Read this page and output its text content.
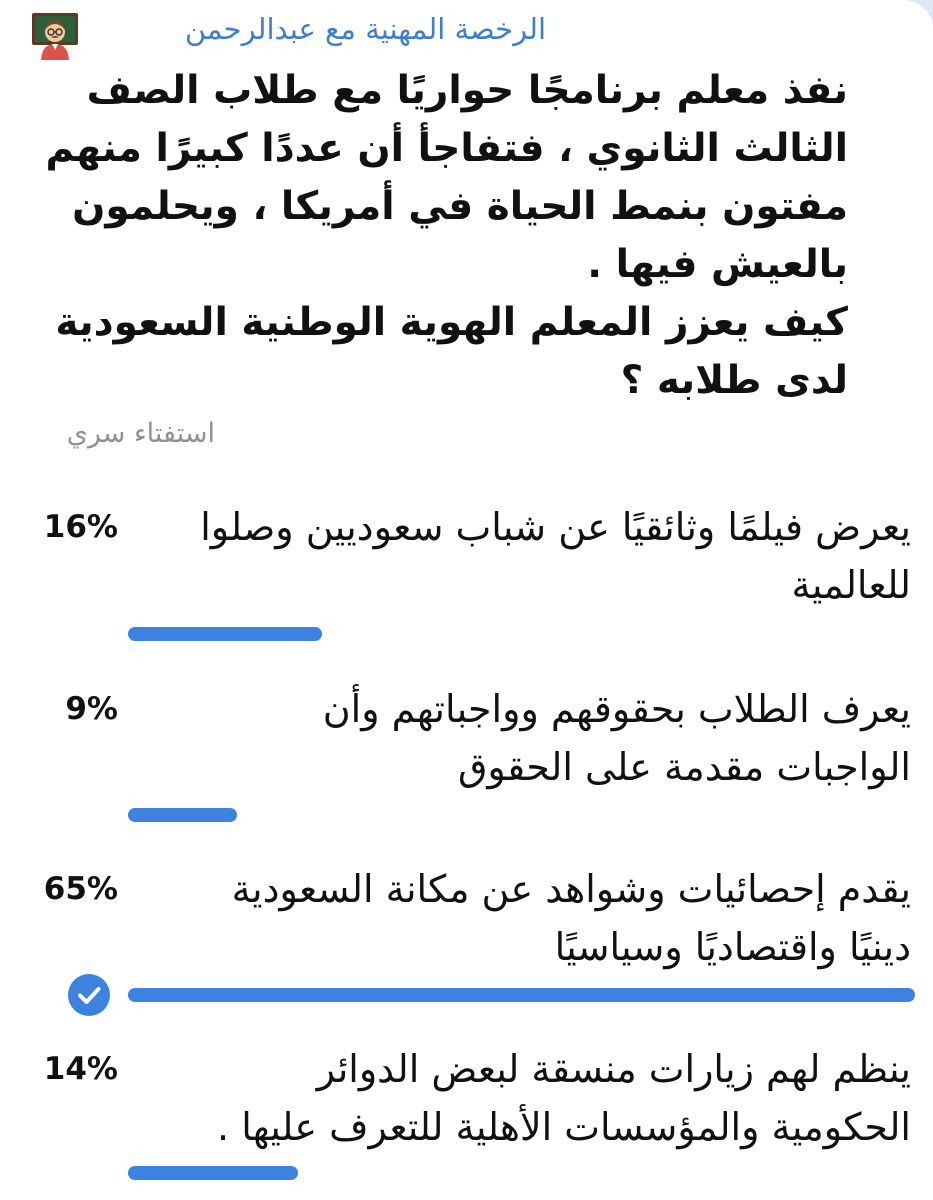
الرخصة المهنية مع عبدالرحمن
نفذ معلم برنامجًا حواريًا مع طلاب الصف
الثالث الثانوي ، فتفاجأ أن عددًا كبيرًا منهم
مفتون بنمط الحياة في أمريكا ، ويحلمون
بالعيش فيها .
كيف يعزز المعلم الهوية الوطنية السعودية
لدى طلابه ؟
استفتاء سري
16% يعرض فيلمًا وثائقيًا عن شباب سعوديين وصلوا
للعالمية
9%	يعرف الطلاب بحقوقهم وواجباتهم وأن
الواجبات مقدمة على الحقوق
65%	يقدم إحصائيات وشواهد عن مكانة السعودية
دينيًا واقتصاديًا وسياسيًا
14%	ينظم لهم زيارات منسقة لبعض الدوائر
الحكومية والمؤسسات الأهلية للتعرف عليها .
